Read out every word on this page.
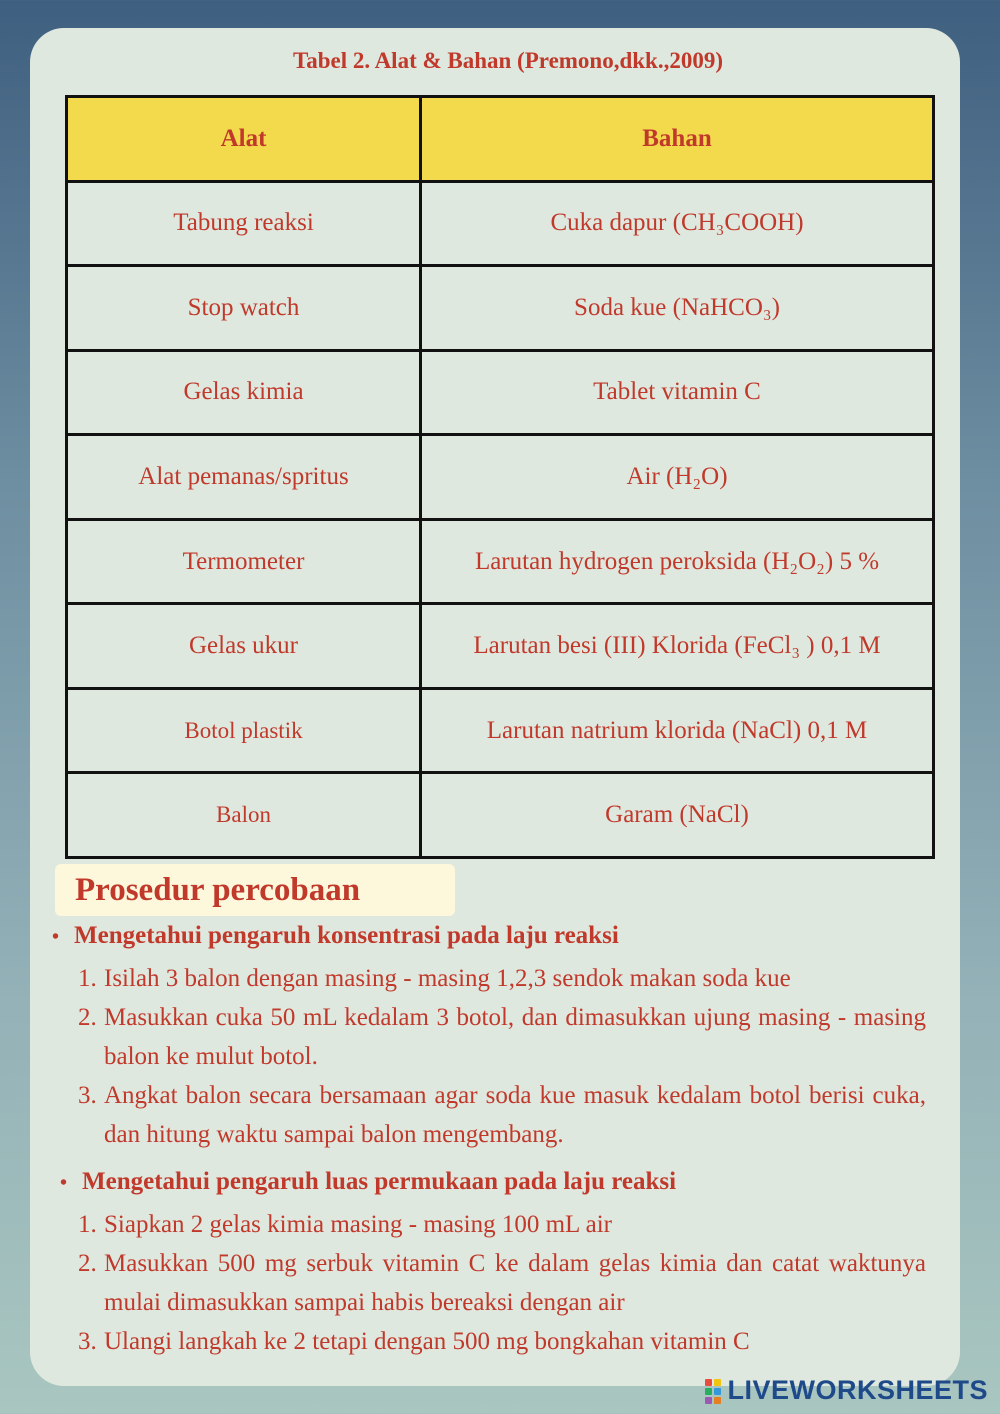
Tabel 2. Alat & Bahan (Premono,dkk.,2009)
Alat	Bahan
Tabung reaksi	Cuka dapur (CH₃COOH)
Stop watch	Soda kue (NaHCO₃)
Gelas kimia	Tablet vitamin C
Alat pemanas/spritus	Air (H₂O)
Termometer	Larutan hydrogen peroksida (H₂O₂) 5 %
Gelas ukur	Larutan besi (III) Klorida (FeCl₃ ) 0,1 M
Botol plastik	Larutan natrium klorida (NaCl) 0,1 M
Balon	Garam (NaCl)
Prosedur percobaan
• Mengetahui pengaruh konsentrasi pada laju reaksi
1. Isilah 3 balon dengan masing - masing 1,2,3 sendok makan soda kue
2. Masukkan cuka 50 mL kedalam 3 botol, dan dimasukkan ujung masing - masing balon ke mulut botol.
3. Angkat balon secara bersamaan agar soda kue masuk kedalam botol berisi cuka, dan hitung waktu sampai balon mengembang.
• Mengetahui pengaruh luas permukaan pada laju reaksi
1. Siapkan 2 gelas kimia masing - masing 100 mL air
2. Masukkan 500 mg serbuk vitamin C ke dalam gelas kimia dan catat waktunya mulai dimasukkan sampai habis bereaksi dengan air
3. Ulangi langkah ke 2 tetapi dengan 500 mg bongkahan vitamin C
LIVEWORKSHEETS
